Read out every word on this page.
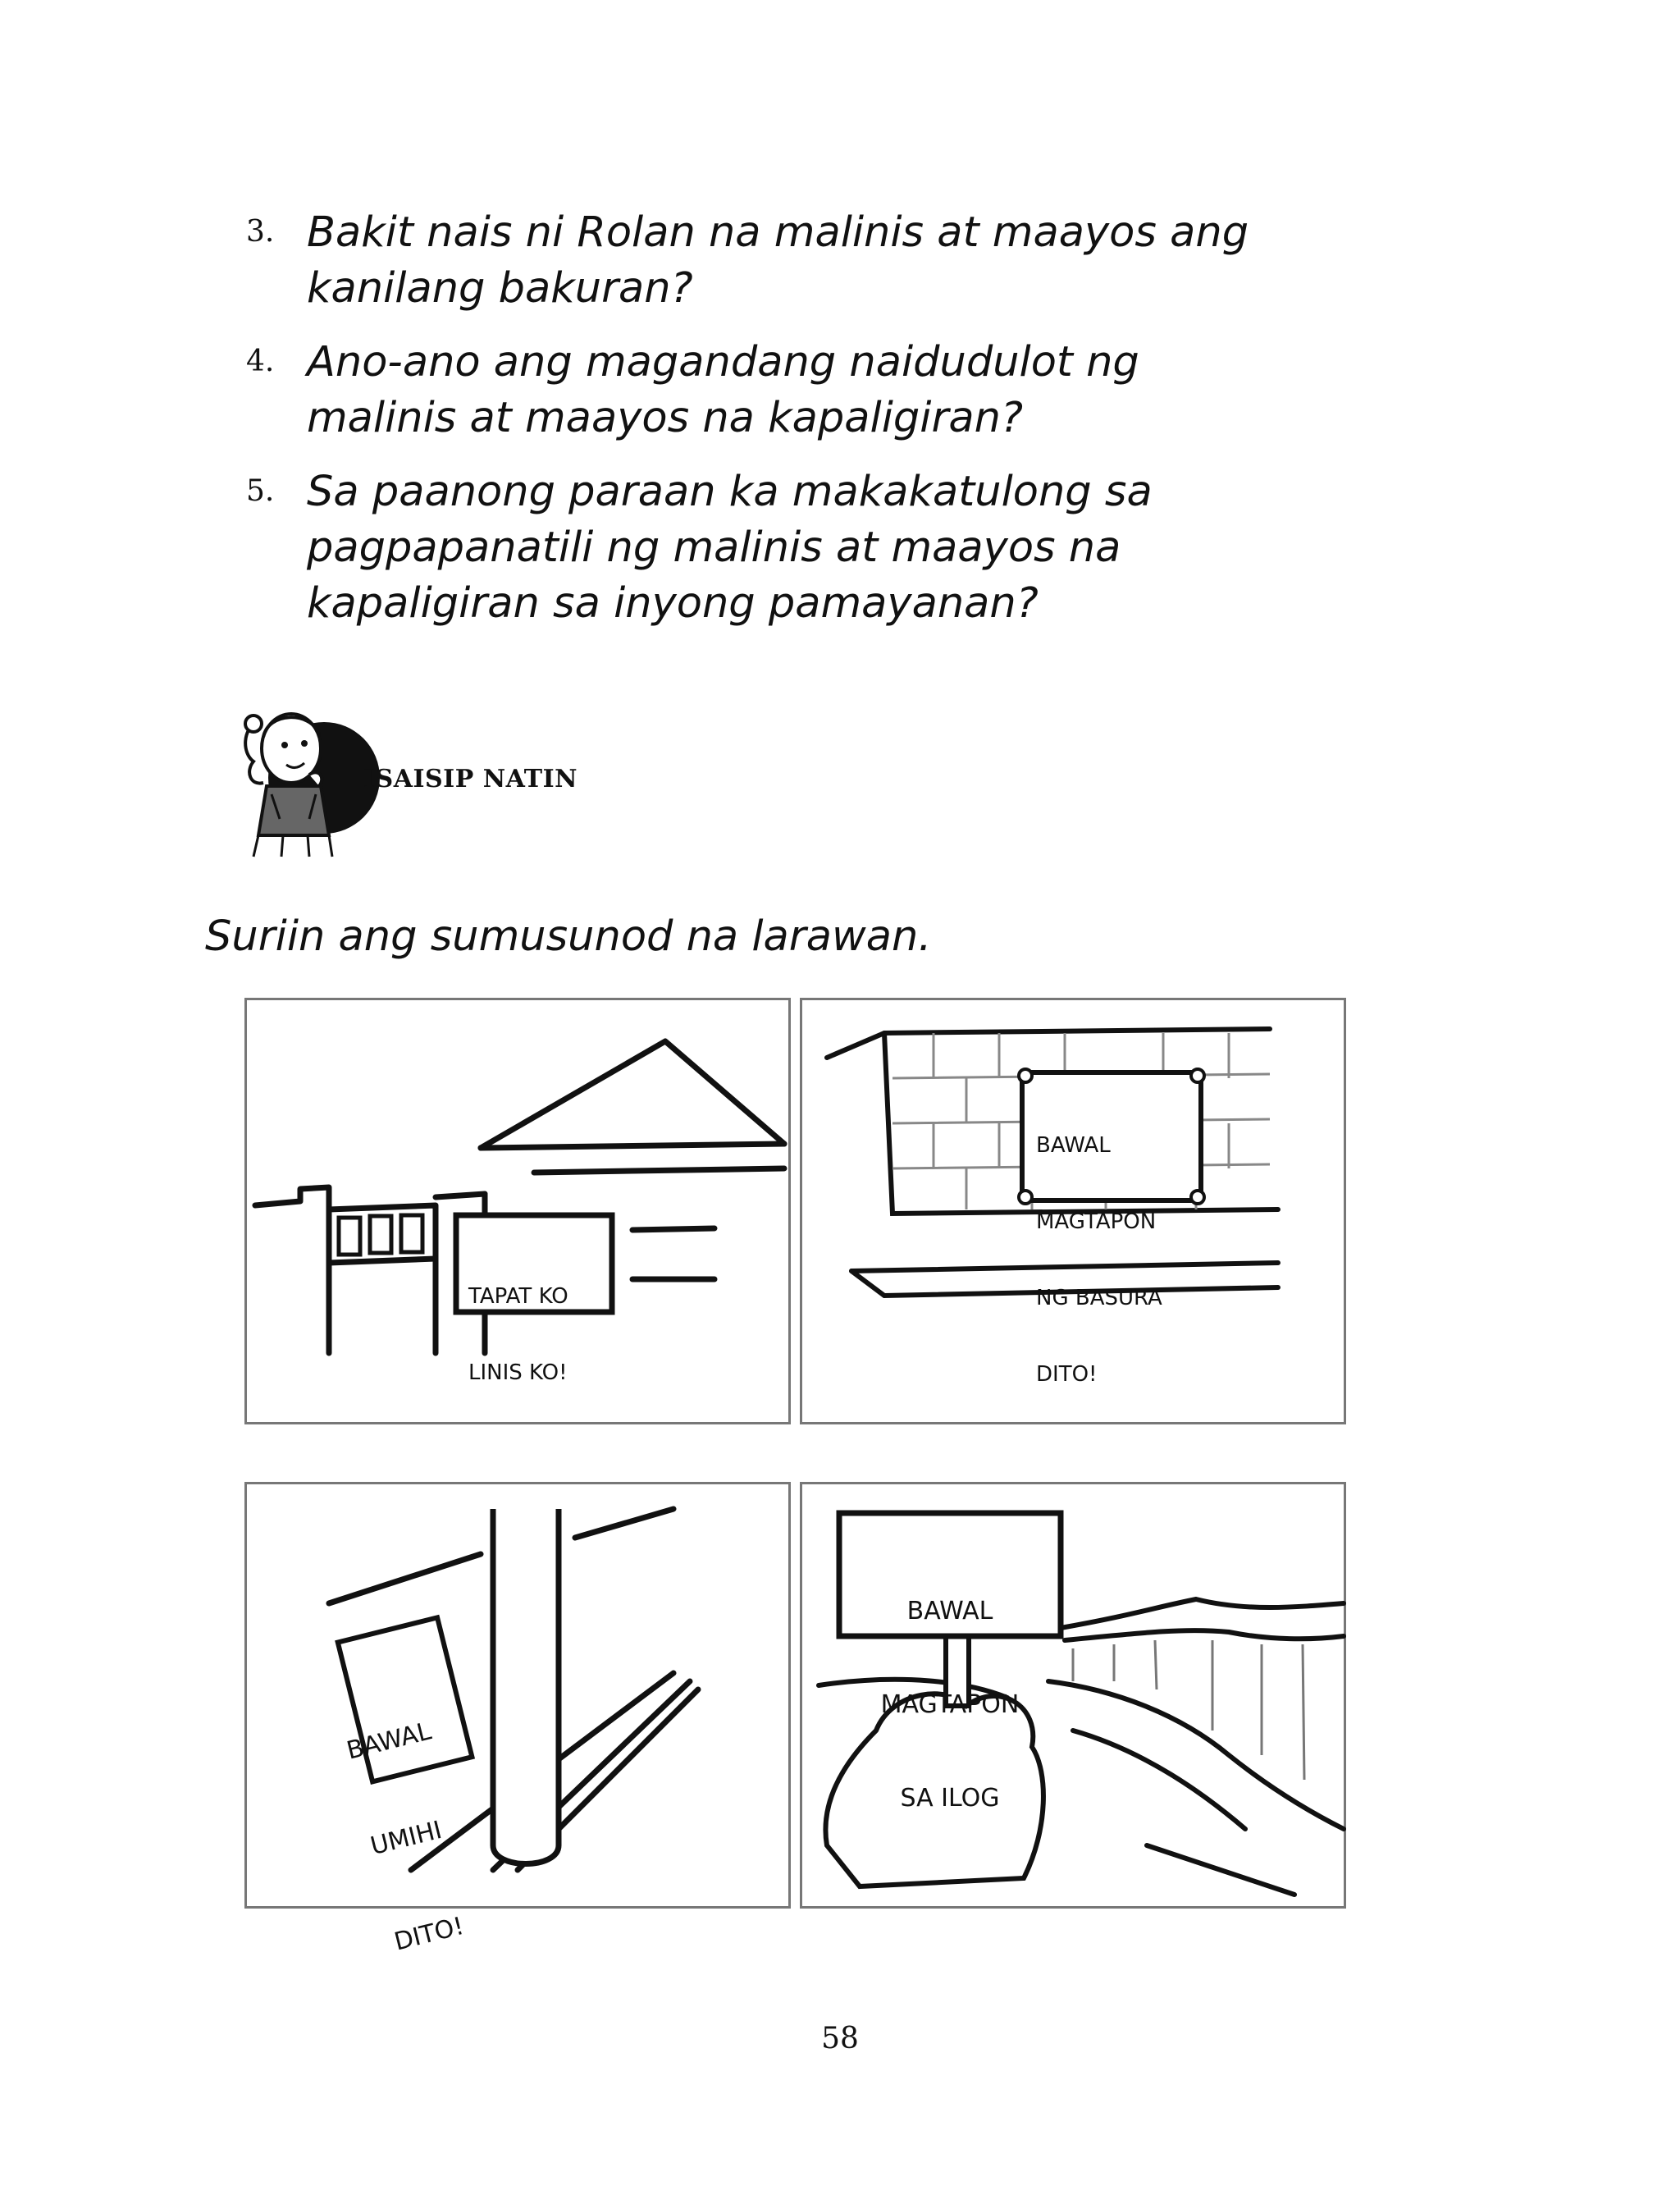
3. Bakit nais ni Rolan na malinis at maayos ang
kanilang bakuran?
4. Ano-ano ang magandang naidudulot ng
malinis at maayos na kapaligiran?
5. Sa paanong paraan ka makakatulong sa
pagpapanatili ng malinis at maayos na
kapaligiran sa inyong pamayanan?
ISAISIP NATIN
Suriin ang sumusunod na larawan.

TAPAT KO

LINIS KO!

BAWAL

MAGTAPON

NG BASURA

DITO!

BAWAL

UMIHI

DITO!

BAWAL

MAGTAPON

SA ILOG

58
